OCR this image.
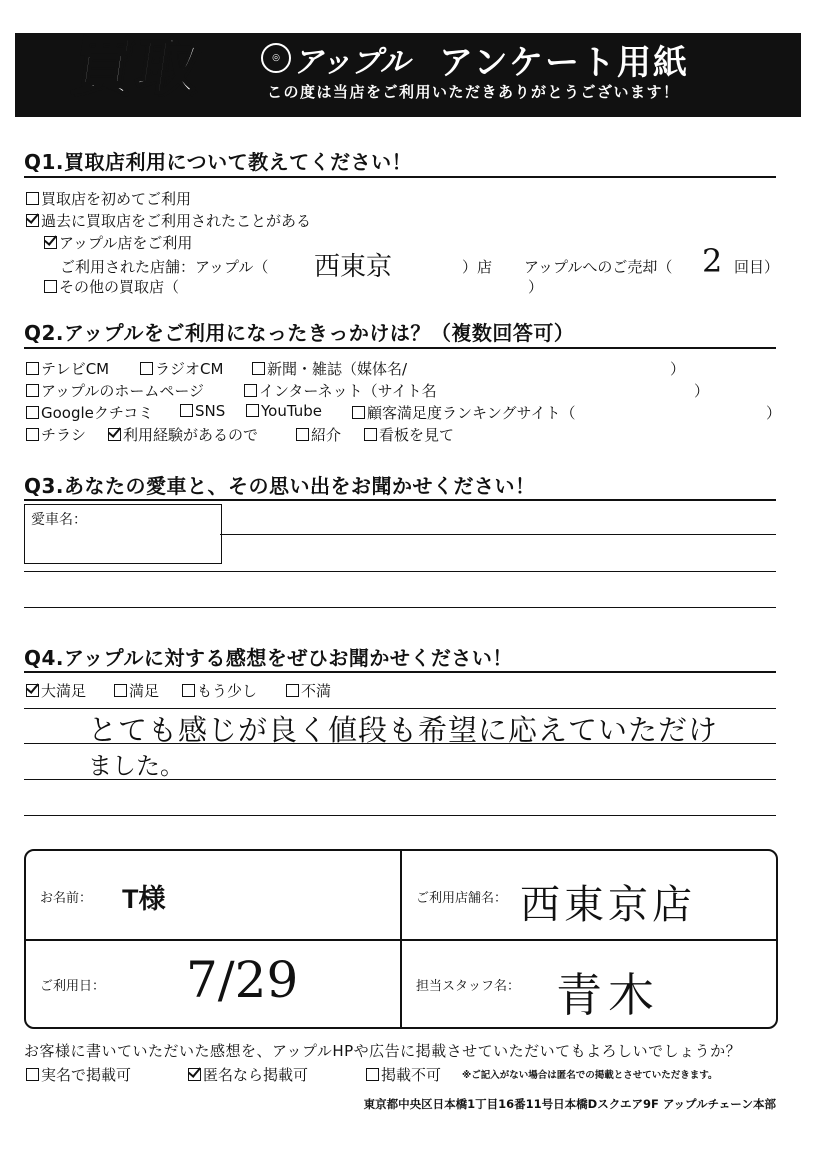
買取	◎ アップル アンケート用紙
この度は当店をご利用いただきありがとうございます！
Q1.買取店利用について教えてください！
買取店を初めてご利用
過去に買取店をご利用されたことがある
アップル店をご利用
ご利用された店舗：アップル（ 西東京	）店 アップルへのご売却（ 2 回目）
その他の買取店（	）
Q2.アップルをご利用になったきっかけは？（複数回答可）
テレビCM	ラジオCM	新聞・雑誌（媒体名/	）
アップルのホームページ	インターネット（サイト名	）
Googleクチコミ	SNS	YouTube	顧客満足度ランキングサイト（	）
チラシ	利用経験があるので	紹介	看板を見て
Q3.あなたの愛車と、その思い出をお聞かせください！
愛車名：
Q4.アップルに対する感想をぜひお聞かせください！
大満足	満足	もう少し	不満
とても感じが良く値段も希望に応えていただけ
ました。
お名前： T様	ご利用店舗名： 西東京店
ご利用日： 7/29	担当スタッフ名： 青木
お客様に書いていただいた感想を、アップルHPや広告に掲載させていただいてもよろしいでしょうか？
実名で掲載可	匿名なら掲載可	掲載不可 ※ご記入がない場合は匿名での掲載とさせていただきます。
東京都中央区日本橋1丁目16番11号日本橋Dスクエア9F アップルチェーン本部
